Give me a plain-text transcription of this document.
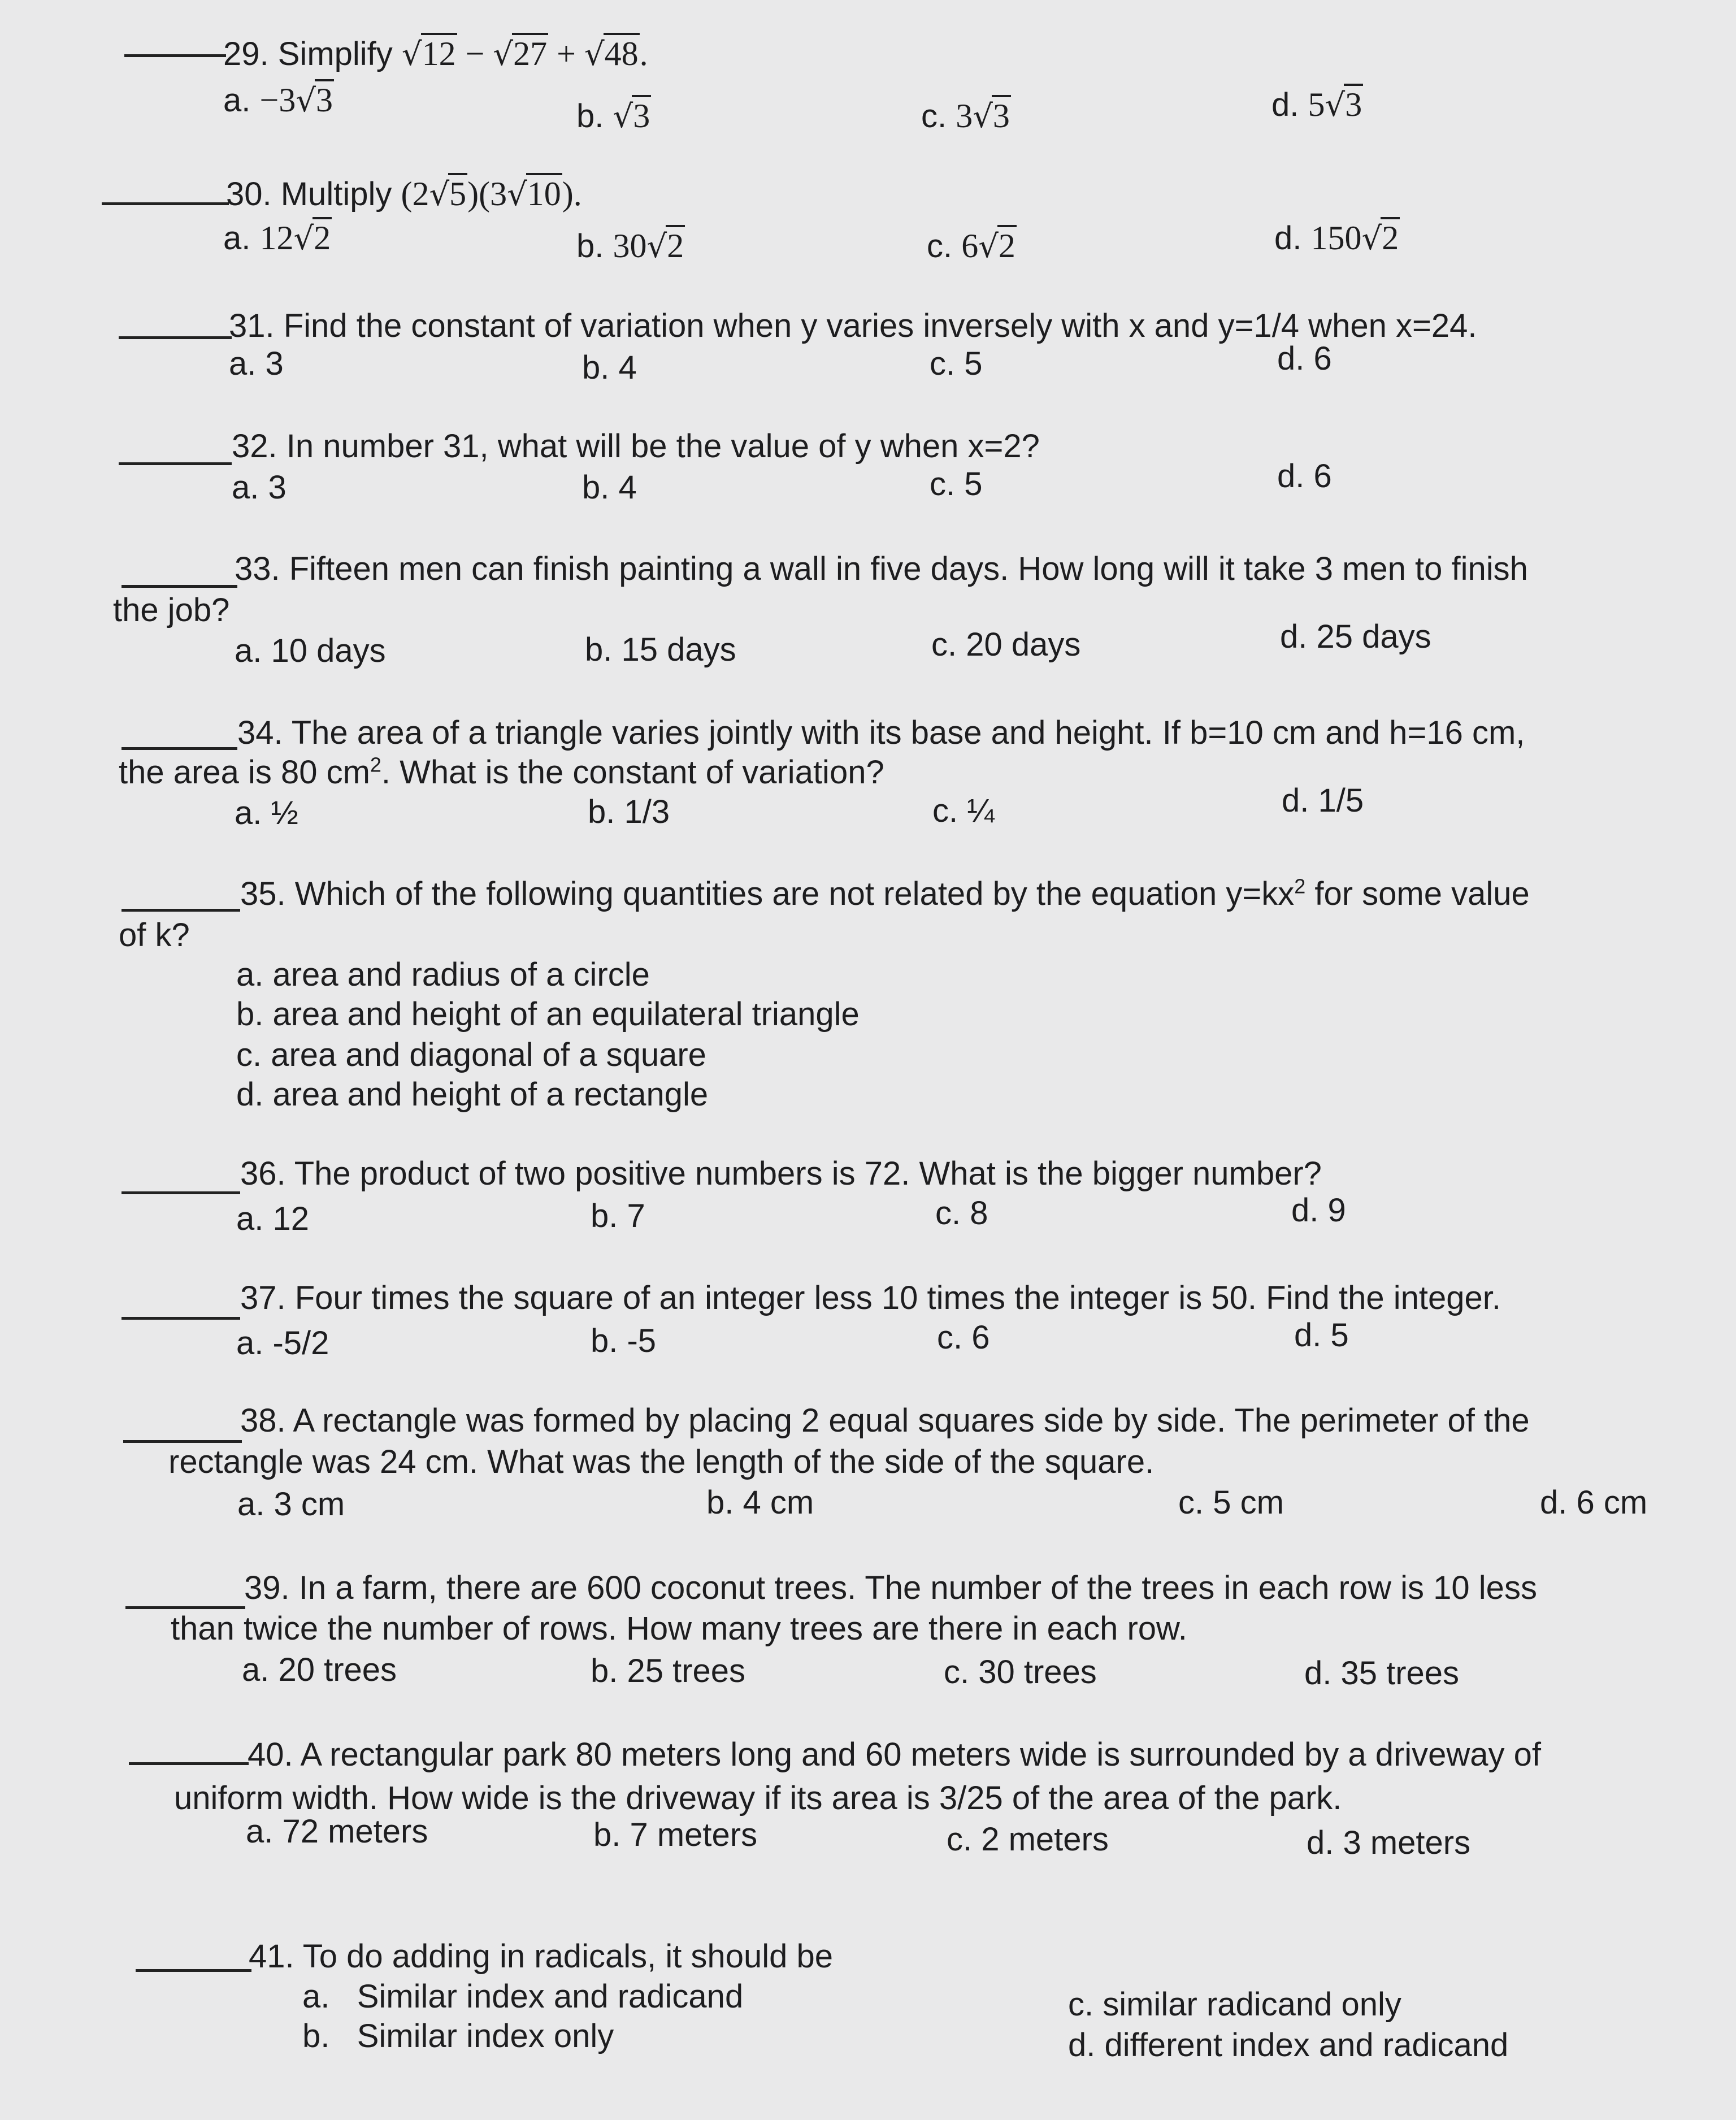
29. Simplify √12 − √27 + √48.
a. −3√3	b. √3	c. 3√3	d. 5√3
30. Multiply (2√5)(3√10).
a. 12√2	b. 30√2	c. 6√2	d. 150√2
31. Find the constant of variation when y varies inversely with x and y=1/4 when x=24.
a. 3	b. 4	c. 5	d. 6
32. In number 31, what will be the value of y when x=2?
a. 3	b. 4	c. 5	d. 6
33. Fifteen men can finish painting a wall in five days. How long will it take 3 men to finish
the job?
a. 10 days	b. 15 days	c. 20 days	d. 25 days
34. The area of a triangle varies jointly with its base and height. If b=10 cm and h=16 cm,
the area is 80 $cm^2$. What is the constant of variation?
a. ½	b. 1/3	c. ¼	d. 1/5
35. Which of the following quantities are not related by the equation $y=kx^2$ for some value
of k?
a. area and radius of a circle
b. area and height of an equilateral triangle
c. area and diagonal of a square
d. area and height of a rectangle
36. The product of two positive numbers is 72. What is the bigger number?
a. 12	b. 7	c. 8	d. 9
37. Four times the square of an integer less 10 times the integer is 50. Find the integer.
a. -5/2	b. -5	c. 6	d. 5
38. A rectangle was formed by placing 2 equal squares side by side. The perimeter of the
rectangle was 24 cm. What was the length of the side of the square.
a. 3 cm	b. 4 cm	c. 5 cm	d. 6 cm
39. In a farm, there are 600 coconut trees. The number of the trees in each row is 10 less
than twice the number of rows. How many trees are there in each row.
a. 20 trees	b. 25 trees	c. 30 trees	d. 35 trees
40. A rectangular park 80 meters long and 60 meters wide is surrounded by a driveway of
uniform width. How wide is the driveway if its area is 3/25 of the area of the park.
a. 72 meters	b. 7 meters	c. 2 meters	d. 3 meters
41. To do adding in radicals, it should be
a.   Similar index and radicand
b.   Similar index only
c. similar radicand only
d. different index and radicand
